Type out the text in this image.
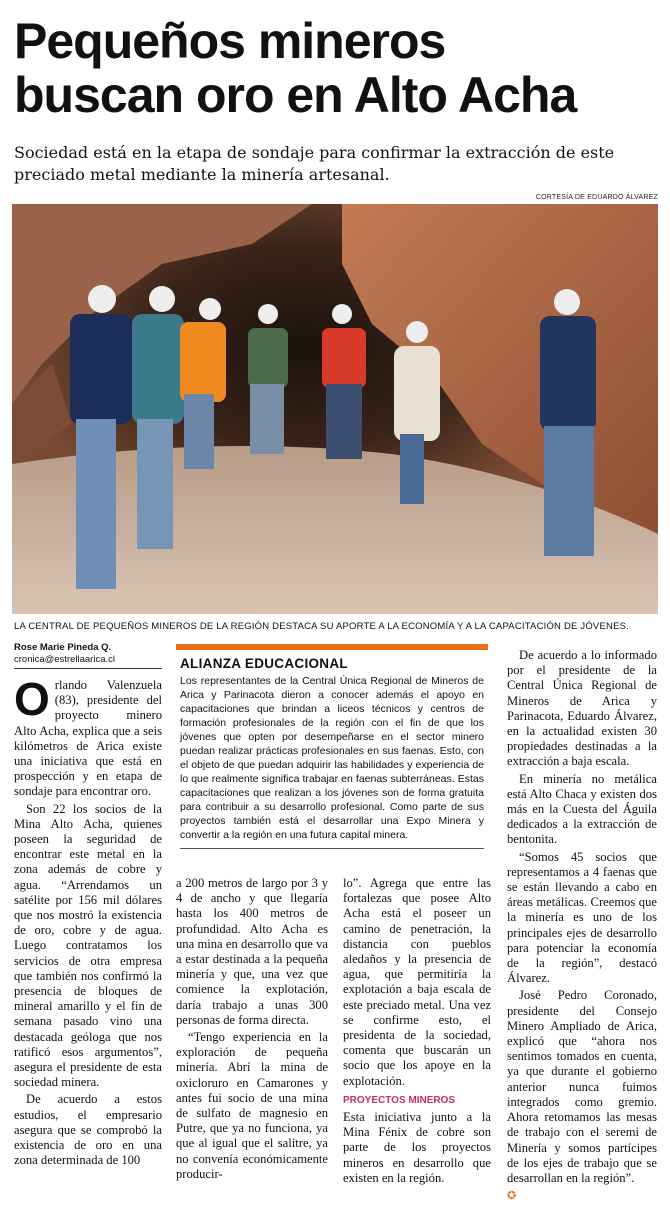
Pequeños mineros
buscan oro en Alto Acha

Sociedad está en la etapa de sondaje para confirmar la extracción de este preciado metal mediante la minería artesanal.

CORTESÍA DE EDUARDO ÁLVAREZ
LA CENTRAL DE PEQUEÑOS MINEROS DE LA REGIÓN DESTACA SU APORTE A LA ECONOMÍA Y A LA CAPACITACIÓN DE JÓVENES.
Rose Marie Pineda Q.
cronica@estrellaarica.cl
O rlando Valenzuela (83), presidente del proyecto minero Alto Acha, explica que a seis kilómetros de Arica existe una iniciativa que está en prospección y en etapa de sondaje para encontrar oro.

Son 22 los socios de la Mina Alto Acha, quienes poseen la seguridad de encontrar este metal en la zona además de cobre y agua. “Arrendamos un satélite por 156 mil dólares que nos mostró la existencia de oro, cobre y de agua. Luego contratamos los servicios de otra empresa que también nos confirmó la presencia de bloques de mineral amarillo y el fin de semana pasado vino una destacada geóloga que nos ratificó esos argumentos”, asegura el presidente de esta sociedad minera.

De acuerdo a estos estudios, el empresario asegura que se comprobó la existencia de oro en una zona determinada de 100

ALIANZA EDUCACIONAL
Los representantes de la Central Única Regional de Mineros de Arica y Parinacota dieron a conocer además el apoyo en capacitaciones que brindan a liceos técnicos y centros de formación profesionales de la región con el fin de que los jóvenes que opten por desempeñarse en el sector minero puedan realizar prácticas profesionales en sus faenas. Esto, con el objeto de que puedan adquirir las habilidades y experiencia de lo que realmente significa trabajar en faenas subterráneas. Estas capacitaciones que realizan a los jóvenes son de forma gratuita para contribuir a su desarrollo profesional. Como parte de sus proyectos también está el desarrollar una Expo Minera y convertir a la región en una futura capital minera.

a 200 metros de largo por 3 y 4 de ancho y que llegaría hasta los 400 metros de profundidad. Alto Acha es una mina en desarrollo que va a estar destinada a la pequeña minería y que, una vez que comience la explotación, daría trabajo a unas 300 personas de forma directa.

“Tengo experiencia en la exploración de pequeña minería. Abrí la mina de oxicloruro en Camarones y antes fui socio de una mina de sulfato de magnesio en Putre, que ya no funciona, ya que al igual que el salitre, ya no convenía económicamente producir-

lo”. Agrega que entre las fortalezas que posee Alto Acha está el poseer un camino de penetración, la distancia con pueblos aledaños y la presencia de agua, que permitiría la explotación a baja escala de este preciado metal. Una vez se confirme esto, el presidenta de la sociedad, comenta que buscarán un socio que los apoye en la explotación.

PROYECTOS MINEROS

Esta iniciativa junto a la Mina Fénix de cobre son parte de los proyectos mineros en desarrollo que existen en la región.

De acuerdo a lo informado por el presidente de la Central Única Regional de Mineros de Arica y Parinacota, Eduardo Álvarez, en la actualidad existen 30 propiedades destinadas a la extracción a baja escala.

En minería no metálica está Alto Chaca y existen dos más en la Cuesta del Águila dedicados a la extracción de bentonita.

“Somos 45 socios que representamos a 4 faenas que se están llevando a cabo en áreas metálicas. Creemos que la minería es uno de los principales ejes de desarrollo para potenciar la economía de la región”, destacó Álvarez.

José Pedro Coronado, presidente del Consejo Minero Ampliado de Arica, explicó que “ahora nos sentimos tomados en cuenta, ya que durante el gobierno anterior nunca fuimos integrados como gremio. Ahora retomamos las mesas de trabajo con el seremi de Minería y somos partícipes de los ejes de trabajo que se desarrollan en la región”.

✪
